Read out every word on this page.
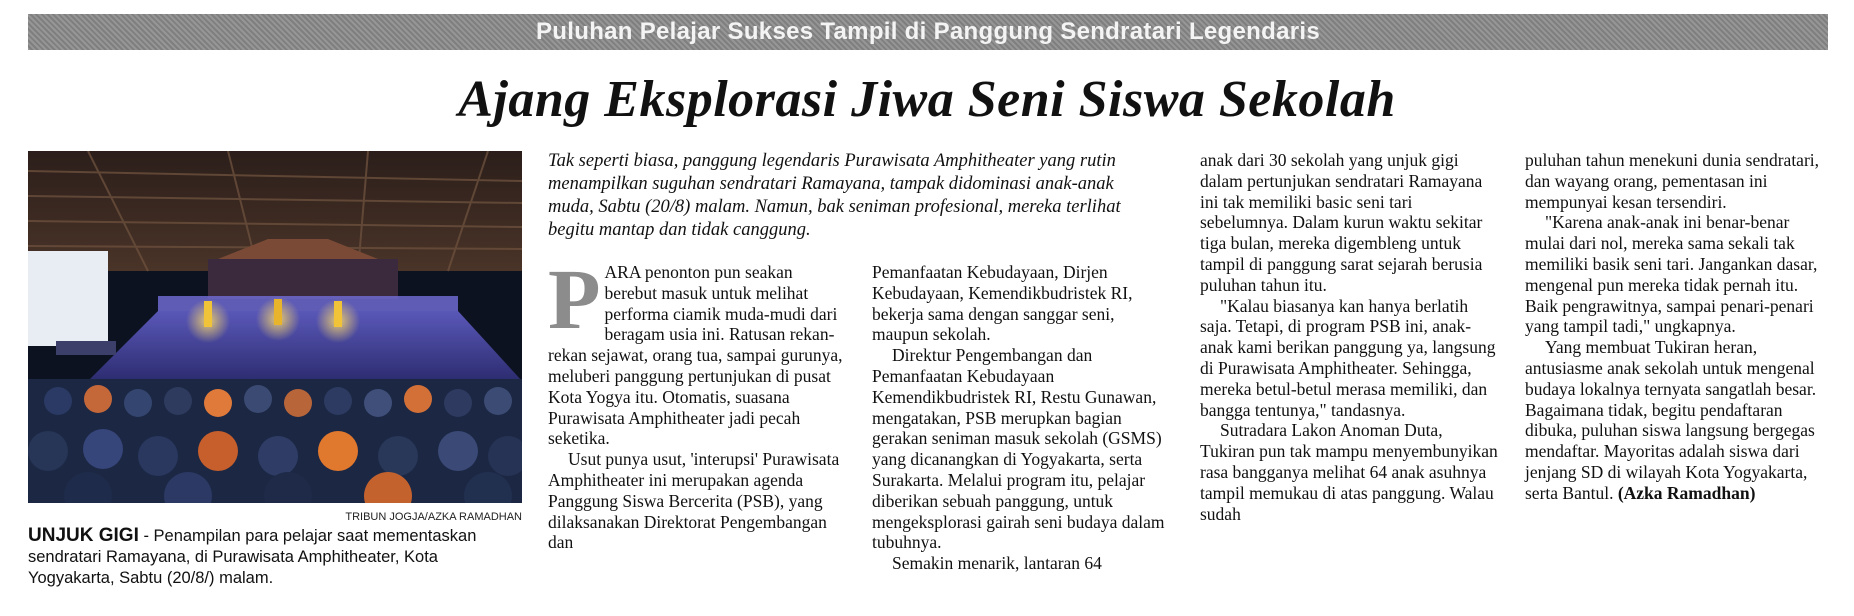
Puluhan Pelajar Sukses Tampil di Panggung Sendratari Legendaris
Ajang Eksplorasi Jiwa Seni Siswa Sekolah
TRIBUN JOGJA/AZKA RAMADHAN
UNJUK GIGI - Penampilan para pelajar saat mementaskan sendratari Ramayana, di Purawisata Amphitheater, Kota Yogyakarta, Sabtu (20/8/) malam.
Tak seperti biasa, panggung legendaris Purawisata Amphitheater yang rutin menampilkan suguhan sendratari Ramayana, tampak didominasi anak-anak muda, Sabtu (20/8) malam. Namun, bak seniman profesional, mereka terlihat begitu mantap dan tidak canggung.

PARA penonton pun seakan berebut masuk untuk melihat performa ciamik muda-mudi dari beragam usia ini. Ratusan rekan-rekan sejawat, orang tua, sampai gurunya, meluberi panggung pertunjukan di pusat Kota Yogya itu. Otomatis, suasana Purawisata Amphitheater jadi pecah seketika.

Usut punya usut, 'interupsi' Purawisata Amphitheater ini merupakan agenda Panggung Siswa Bercerita (PSB), yang dilaksanakan Direktorat Pengembangan dan

Pemanfaatan Kebudayaan, Dirjen Kebudayaan, Kemendikbudristek RI, bekerja sama dengan sanggar seni, maupun sekolah.

Direktur Pengembangan dan Pemanfaatan Kebudayaan Kemendikbudristek RI, Restu Gunawan, mengatakan, PSB merupkan bagian gerakan seniman masuk sekolah (GSMS) yang dicanangkan di Yogyakarta, serta Surakarta. Melalui program itu, pelajar diberikan sebuah panggung, untuk mengeksplorasi gairah seni budaya dalam tubuhnya.

Semakin menarik, lantaran 64

anak dari 30 sekolah yang unjuk gigi dalam pertunjukan sendratari Ramayana ini tak memiliki basic seni tari sebelumnya. Dalam kurun waktu sekitar tiga bulan, mereka digembleng untuk tampil di panggung sarat sejarah berusia puluhan tahun itu.

"Kalau biasanya kan hanya berlatih saja. Tetapi, di program PSB ini, anak-anak kami berikan panggung ya, langsung di Purawisata Amphitheater. Sehingga, mereka betul-betul merasa memiliki, dan bangga tentunya," tandasnya.

Sutradara Lakon Anoman Duta, Tukiran pun tak mampu menyembunyikan rasa bangganya melihat 64 anak asuhnya tampil memukau di atas panggung. Walau sudah

puluhan tahun menekuni dunia sendratari, dan wayang orang, pementasan ini mempunyai kesan tersendiri.

"Karena anak-anak ini benar-benar mulai dari nol, mereka sama sekali tak memiliki basik seni tari. Jangankan dasar, mengenal pun mereka tidak pernah itu. Baik pengrawitnya, sampai penari-penari yang tampil tadi," ungkapnya.

Yang membuat Tukiran heran, antusiasme anak sekolah untuk mengenal budaya lokalnya ternyata sangatlah besar. Bagaimana tidak, begitu pendaftaran dibuka, puluhan siswa langsung bergegas mendaftar. Mayoritas adalah siswa dari jenjang SD di wilayah Kota Yogyakarta, serta Bantul. (Azka Ramadhan)
